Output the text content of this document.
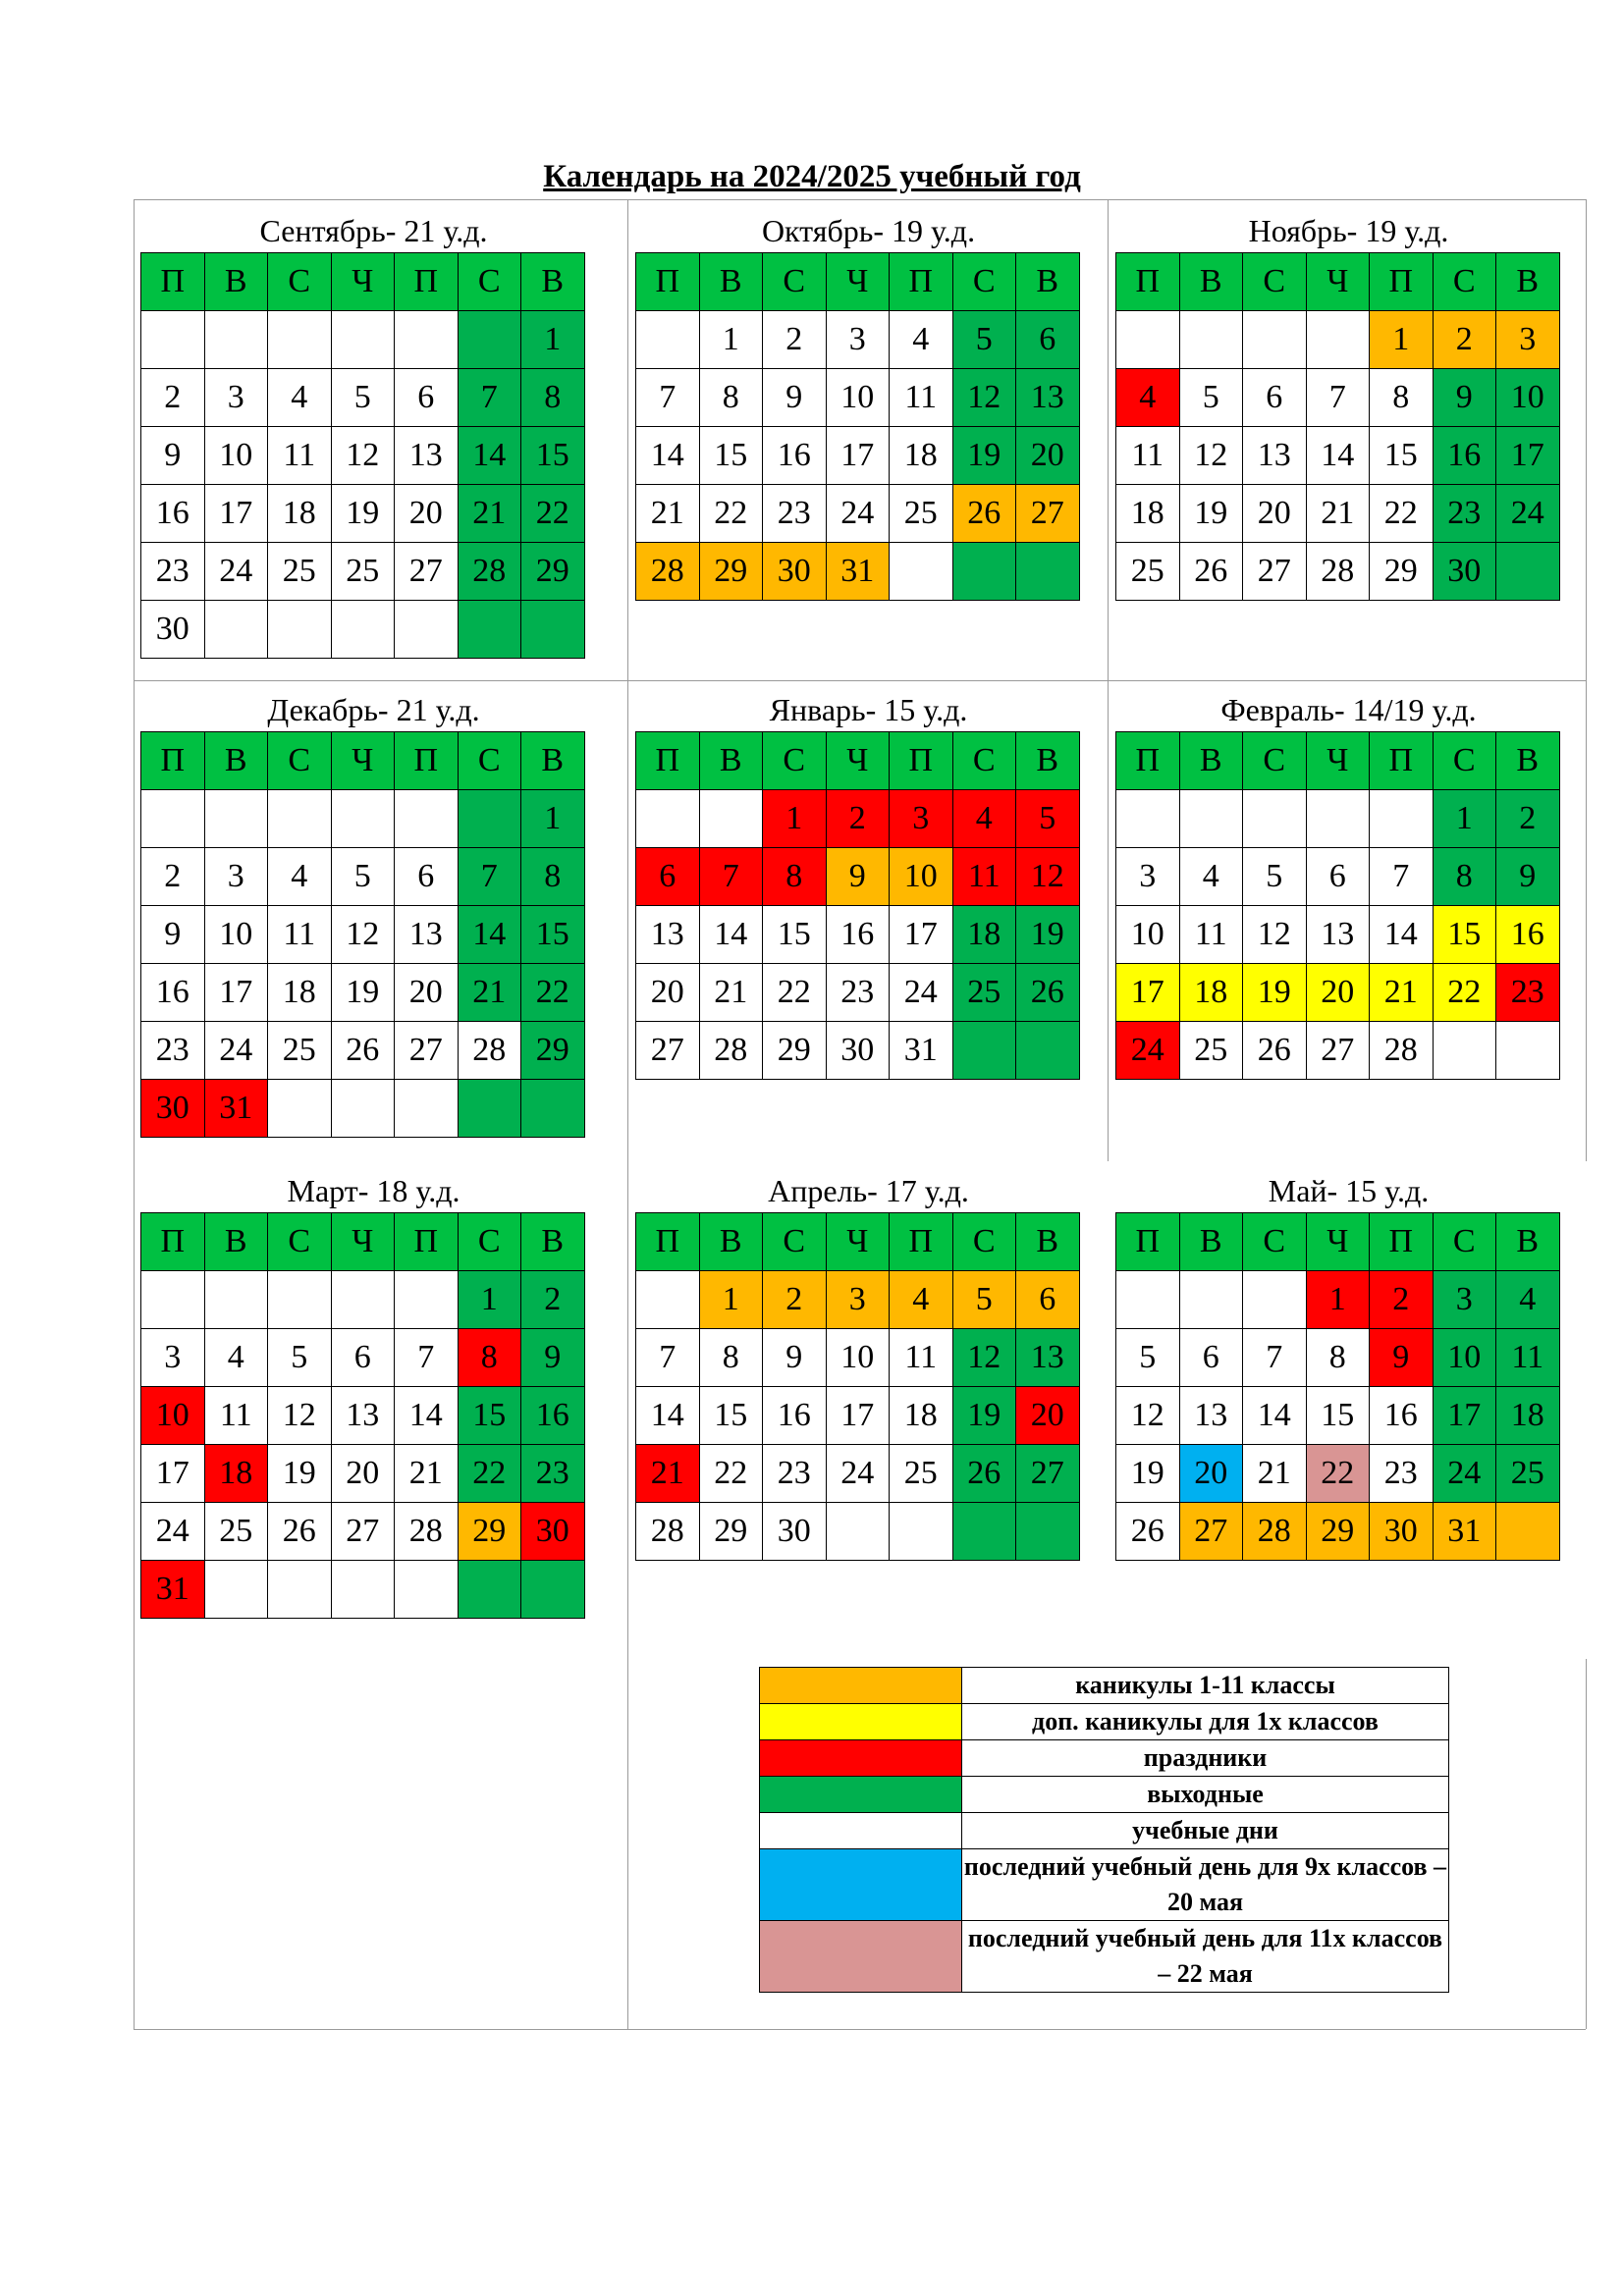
Календарь на 2024/2025 учебный год
Сентябрь- 21 у.д.
П	В	С	Ч	П	С	В
						1
2	3	4	5	6	7	8
9	10	11	12	13	14	15
16	17	18	19	20	21	22
23	24	25	25	27	28	29
30						
Октябрь- 19 у.д.
П	В	С	Ч	П	С	В
	1	2	3	4	5	6
7	8	9	10	11	12	13
14	15	16	17	18	19	20
21	22	23	24	25	26	27
28	29	30	31			
Ноябрь- 19 у.д.
П	В	С	Ч	П	С	В
				1	2	3
4	5	6	7	8	9	10
11	12	13	14	15	16	17
18	19	20	21	22	23	24
25	26	27	28	29	30	
Декабрь- 21 у.д.
П	В	С	Ч	П	С	В
						1
2	3	4	5	6	7	8
9	10	11	12	13	14	15
16	17	18	19	20	21	22
23	24	25	26	27	28	29
30	31					
Январь- 15 у.д.
П	В	С	Ч	П	С	В
		1	2	3	4	5
6	7	8	9	10	11	12
13	14	15	16	17	18	19
20	21	22	23	24	25	26
27	28	29	30	31		
Февраль- 14/19 у.д.
П	В	С	Ч	П	С	В
					1	2
3	4	5	6	7	8	9
10	11	12	13	14	15	16
17	18	19	20	21	22	23
24	25	26	27	28		
Март- 18 у.д.
П	В	С	Ч	П	С	В
					1	2
3	4	5	6	7	8	9
10	11	12	13	14	15	16
17	18	19	20	21	22	23
24	25	26	27	28	29	30
31						
Апрель- 17 у.д.
П	В	С	Ч	П	С	В
	1	2	3	4	5	6
7	8	9	10	11	12	13
14	15	16	17	18	19	20
21	22	23	24	25	26	27
28	29	30				
Май- 15 у.д.
П	В	С	Ч	П	С	В
			1	2	3	4
5	6	7	8	9	10	11
12	13	14	15	16	17	18
19	20	21	22	23	24	25
26	27	28	29	30	31	
	каникулы 1-11 классы
	доп. каникулы для 1х классов
	праздники
	выходные
	учебные дни
	последний учебный день для 9х классов – 20 мая
	последний учебный день для 11х классов – 22 мая
